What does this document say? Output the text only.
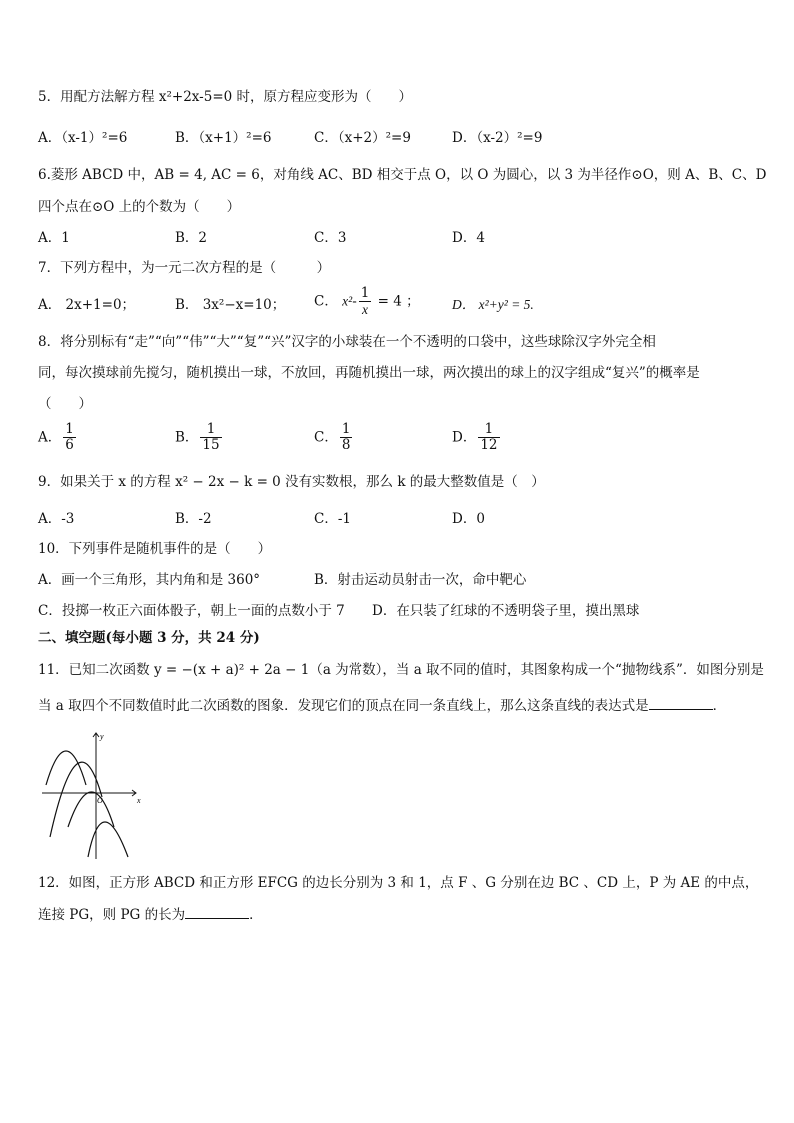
5．用配方法解方程 x²+2x-5=0 时，原方程应变形为（　　）
A．（x-1）²=6	B．（x+1）²=6	C．（x+2）²=9	D．（x-2）²=9
6.菱形 ABCD 中，AB = 4, AC = 6，对角线 AC、BD 相交于点 O，以 O 为圆心，以 3 为半径作⊙O，则 A、B、C、D
四个点在⊙O 上的个数为（　　）
A．1	B．2	C．3	D．4
7．下列方程中，为一元二次方程的是（　　　）
A． 2x+1=0；	B． 3x²−x=10； C． $x^2- \frac{1}{x} = 4$ ； D． x²+y² = 5.
8．将分别标有“走”“向”“伟”“大”“复”“兴”汉字的小球装在一个不透明的口袋中，这些球除汉字外完全相
同，每次摸球前先搅匀，随机摸出一球，不放回，再随机摸出一球，两次摸出的球上的汉字组成“复兴”的概率是
（　　）
A． $\frac{1}{6}$	B． $\frac{1}{15}$	C． $\frac{1}{8}$	D． $\frac{1}{12}$
9．如果关于 x 的方程 x² − 2x − k = 0 没有实数根，那么 k 的最大整数值是（　）
A．-3	B．-2	C．-1	D．0
10．下列事件是随机事件的是（　　）
A．画一个三角形，其内角和是 360°	B．射击运动员射击一次，命中靶心
C．投掷一枚正六面体骰子，朝上一面的点数小于 7 D．在只装了红球的不透明袋子里，摸出黑球
二、填空题(每小题 3 分，共 24 分)
11．已知二次函数 y = −(x + a)² + 2a − 1（a 为常数），当 a 取不同的值时，其图象构成一个“抛物线系”．如图分别是
当 a 取四个不同数值时此二次函数的图象．发现它们的顶点在同一条直线上，那么这条直线的表达式是	．
x
y
O
12．如图，正方形 ABCD 和正方形 EFCG 的边长分别为 3 和 1，点 F 、G 分别在边 BC 、CD 上，P 为 AE 的中点，
连接 PG，则 PG 的长为	．
